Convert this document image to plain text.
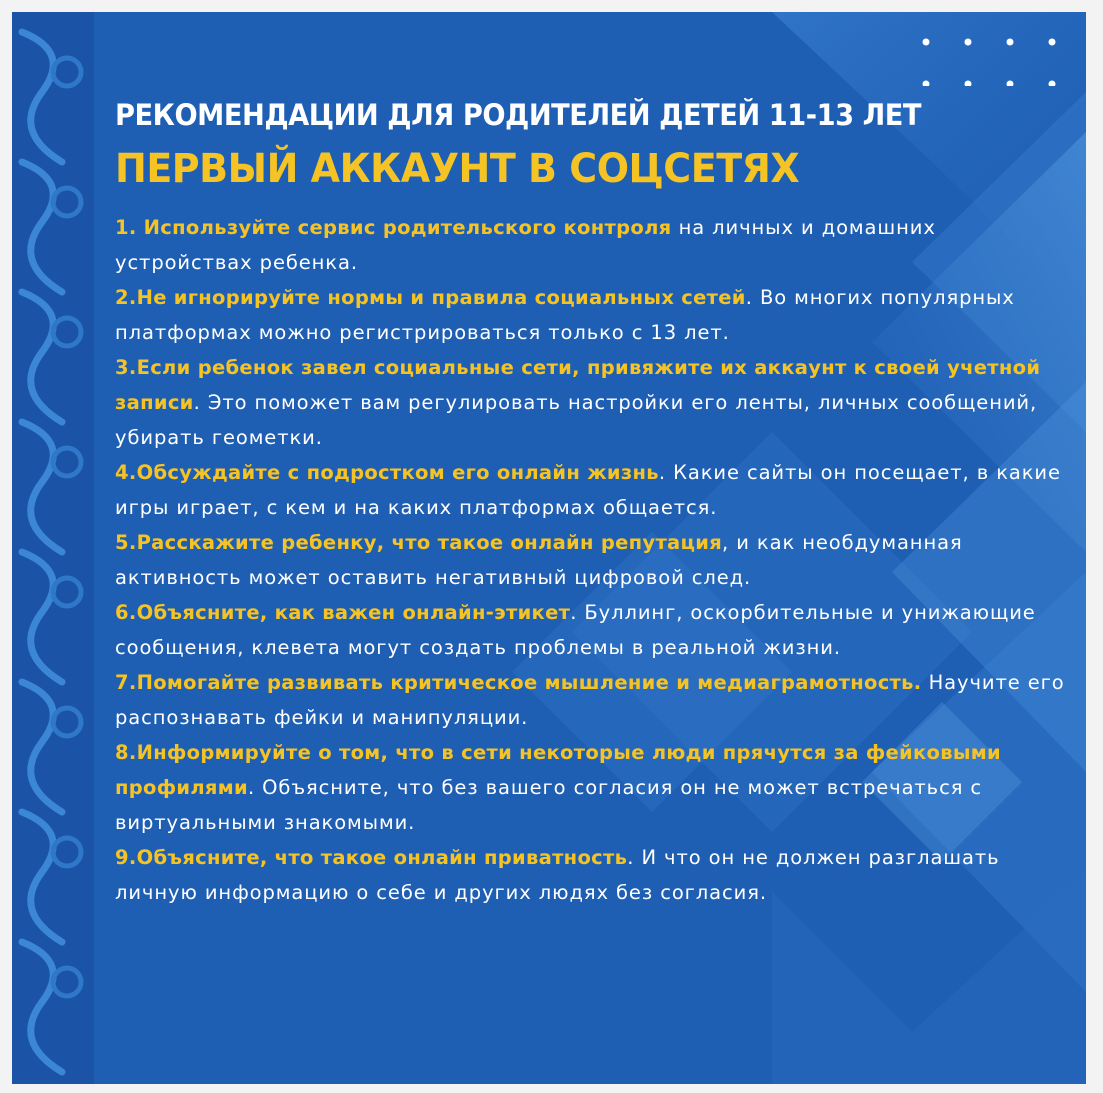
РЕКОМЕНДАЦИИ ДЛЯ РОДИТЕЛЕЙ ДЕТЕЙ 11-13 ЛЕТ
ПЕРВЫЙ АККАУНТ В СОЦСЕТЯХ
1. Используйте сервис родительского контроля на личных и домашних устройствах ребенка.
2.Не игнорируйте нормы и правила социальных сетей. Во многих популярных платформах можно регистрироваться только с 13 лет.
3.Если ребенок завел социальные сети, привяжите их аккаунт к своей учетной записи. Это поможет вам регулировать настройки его ленты, личных сообщений, убирать геометки.
4.Обсуждайте с подростком его онлайн жизнь. Какие сайты он посещает, в какие игры играет, с кем и на каких платформах общается.
5.Расскажите ребенку, что такое онлайн репутация, и как необдуманная активность может оставить негативный цифровой след.
6.Объясните, как важен онлайн-этикет. Буллинг, оскорбительные и унижающие сообщения, клевета могут создать проблемы в реальной жизни.
7.Помогайте развивать критическое мышление и медиаграмотность. Научите его распознавать фейки и манипуляции.
8.Информируйте о том, что в сети некоторые люди прячутся за фейковыми профилями. Объясните, что без вашего согласия он не может встречаться с виртуальными знакомыми.
9.Объясните, что такое онлайн приватность. И что он не должен разглашать личную информацию о себе и других людях без согласия.
